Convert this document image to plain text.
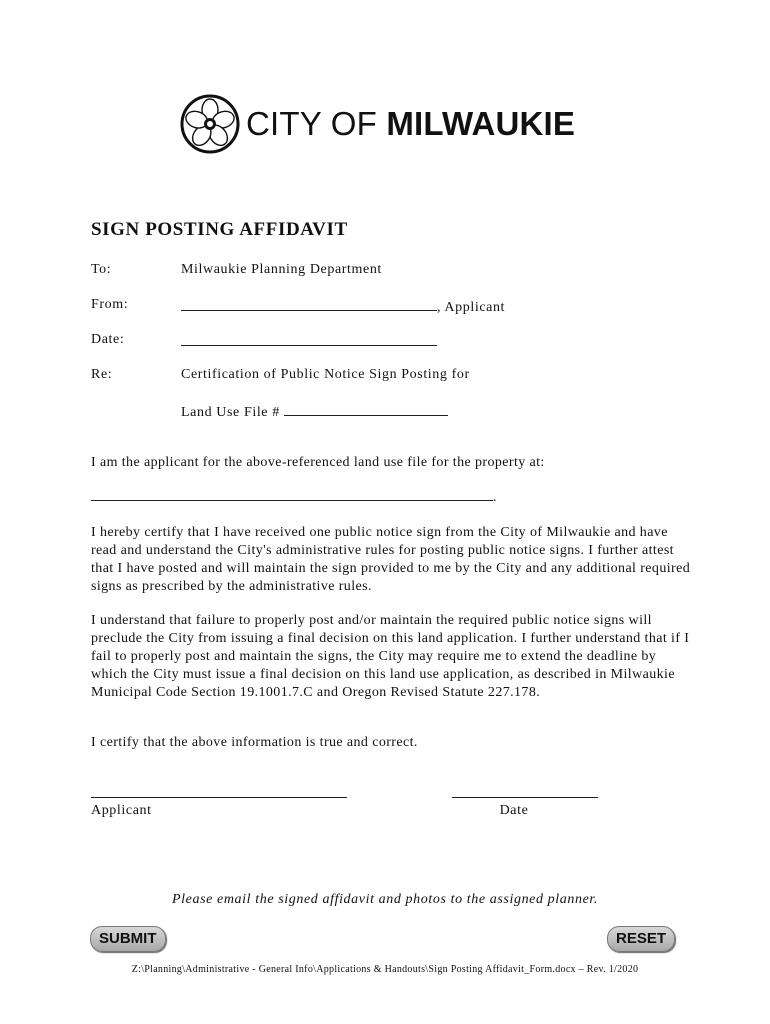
CITY OF MILWAUKIE
SIGN POSTING AFFIDAVIT
To:	Milwaukie Planning Department
From:	, Applicant
Date:
Re:	Certification of Public Notice Sign Posting for
Land Use File #

I am the applicant for the above-referenced land use file for the property at:

.

I hereby certify that I have received one public notice sign from the City of Milwaukie and have read and understand the City's administrative rules for posting public notice signs. I further attest that I have posted and will maintain the sign provided to me by the City and any additional required signs as prescribed by the administrative rules.

I understand that failure to properly post and/or maintain the required public notice signs will preclude the City from issuing a final decision on this land application. I further understand that if I fail to properly post and maintain the signs, the City may require me to extend the deadline by which the City must issue a final decision on this land use application, as described in Milwaukie Municipal Code Section 19.1001.7.C and Oregon Revised Statute 227.178.

I certify that the above information is true and correct.

Applicant	Date
Please email the signed affidavit and photos to the assigned planner.
SUBMIT	RESET
Z:\Planning\Administrative - General Info\Applications & Handouts\Sign Posting Affidavit_Form.docx – Rev. 1/2020
